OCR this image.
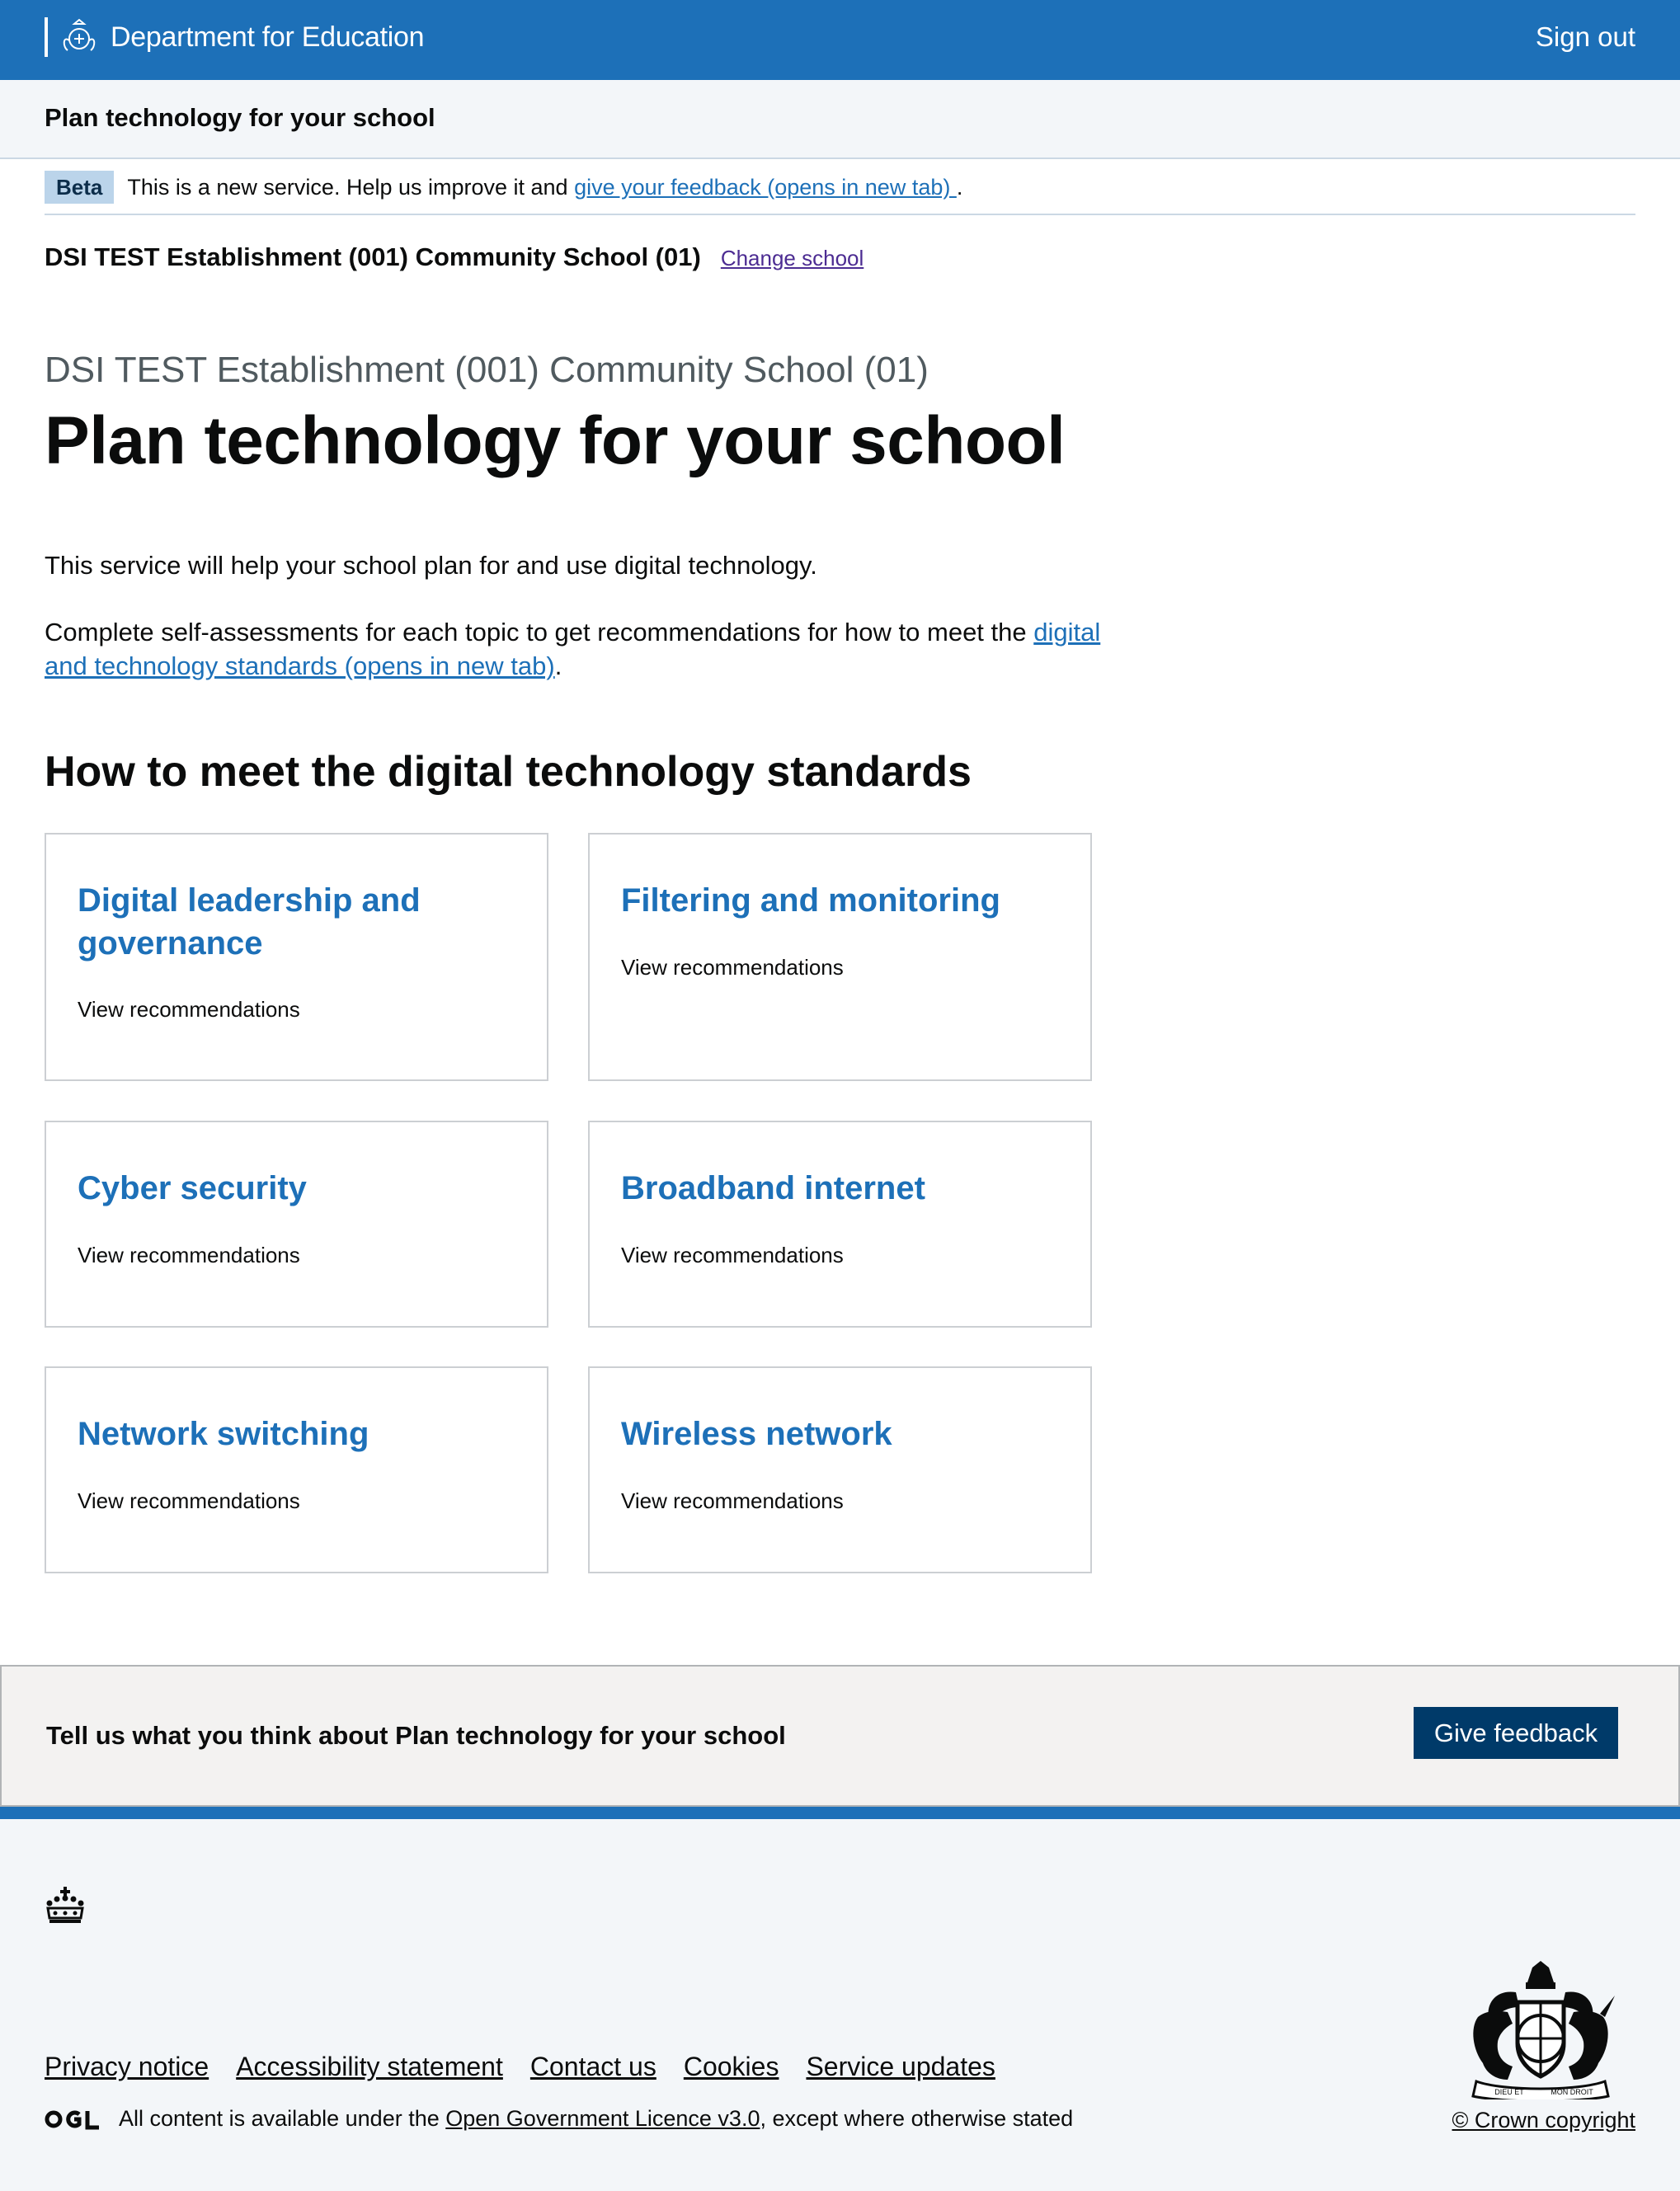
Department for Education	Sign out
Plan technology for your school
Beta	This is a new service. Help us improve it and give your feedback (opens in new tab) .
DSI TEST Establishment (001) Community School (01) Change school
DSI TEST Establishment (001) Community School (01)
Plan technology for your school

This service will help your school plan for and use digital technology.

Complete self-assessments for each topic to get recommendations for how to meet the digital and technology standards (opens in new tab).

How to meet the digital technology standards
Digital leadership and
governance
View recommendations
Filtering and monitoring
View recommendations
Cyber security
View recommendations
Broadband internet
View recommendations
Network switching
View recommendations
Wireless network
View recommendations
Tell us what you think about Plan technology for your school	Give feedback
Privacy notice Accessibility statement Contact us Cookies Service updates
All content is available under the Open Government Licence v3.0, except where otherwise stated
DIEU ET	MON DROIT
© Crown copyright
